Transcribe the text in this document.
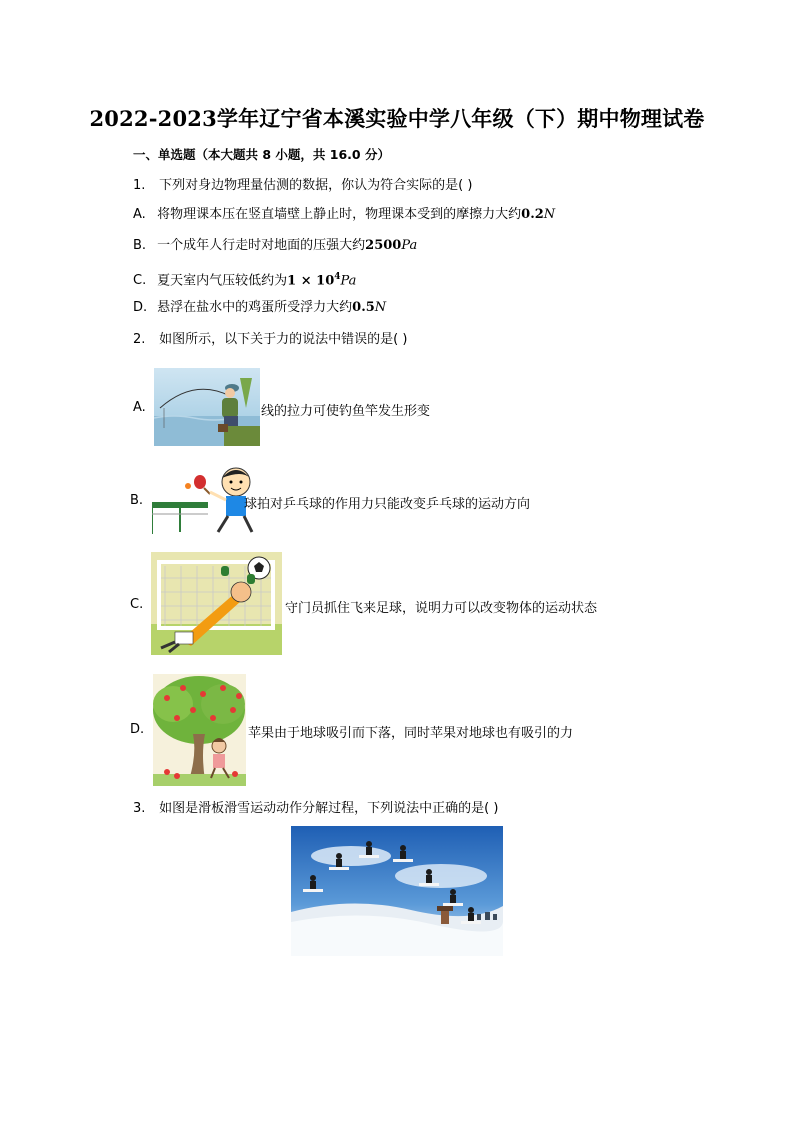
2022-2023学年辽宁省本溪实验中学八年级（下）期中物理试卷
一、单选题（本大题共 8 小题，共 16.0 分）
1. 下列对身边物理量估测的数据，你认为符合实际的是( )
A. 将物理课本压在竖直墙壁上静止时，物理课本受到的摩擦力大约0.2N
B. 一个成年人行走时对地面的压强大约2500Pa
C. 夏天室内气压较低约为$1 \times 10^4Pa$
D. 悬浮在盐水中的鸡蛋所受浮力大约0.5N
2. 如图所示，以下关于力的说法中错误的是( )
A.	线的拉力可使钓鱼竿发生形变
B.	球拍对乒乓球的作用力只能改变乒乓球的运动方向
C.	守门员抓住飞来足球，说明力可以改变物体的运动状态
D.	苹果由于地球吸引而下落，同时苹果对地球也有吸引的力
3. 如图是滑板滑雪运动动作分解过程，下列说法中正确的是( )
